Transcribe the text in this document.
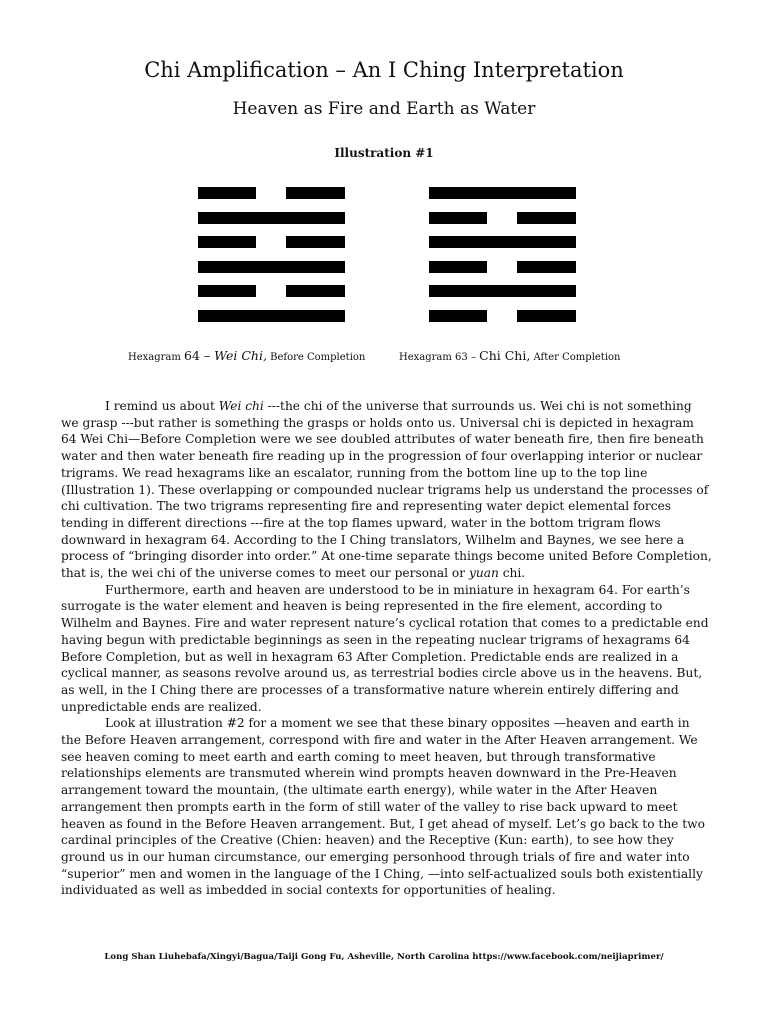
Chi Amplification – An I Ching Interpretation
Heaven as Fire and Earth as Water
Illustration #1
Hexagram 64 – Wei Chi, Before Completion	Hexagram 63 – Chi Chi, After Completion

I remind us about Wei chi ---the chi of the universe that surrounds us. Wei chi is not something we grasp ---but rather is something the grasps or holds onto us. Universal chi is depicted in hexagram 64 Wei Chi—Before Completion were we see doubled attributes of water beneath fire, then fire beneath water and then water beneath fire reading up in the progression of four overlapping interior or nuclear trigrams. We read hexagrams like an escalator, running from the bottom line up to the top line (Illustration 1). These overlapping or compounded nuclear trigrams help us understand the processes of chi cultivation. The two trigrams representing fire and representing water depict elemental forces tending in different directions ---fire at the top flames upward, water in the bottom trigram flows downward in hexagram 64. According to the I Ching translators, Wilhelm and Baynes, we see here a process of “bringing disorder into order.” At one-time separate things become united Before Completion, that is, the wei chi of the universe comes to meet our personal or yuan chi.

Furthermore, earth and heaven are understood to be in miniature in hexagram 64. For earth’s surrogate is the water element and heaven is being represented in the fire element, according to Wilhelm and Baynes. Fire and water represent nature’s cyclical rotation that comes to a predictable end having begun with predictable beginnings as seen in the repeating nuclear trigrams of hexagrams 64 Before Completion, but as well in hexagram 63 After Completion. Predictable ends are realized in a cyclical manner, as seasons revolve around us, as terrestrial bodies circle above us in the heavens. But, as well, in the I Ching there are processes of a transformative nature wherein entirely differing and unpredictable ends are realized.

Look at illustration #2 for a moment we see that these binary opposites —heaven and earth in the Before Heaven arrangement, correspond with fire and water in the After Heaven arrangement. We see heaven coming to meet earth and earth coming to meet heaven, but through transformative relationships elements are transmuted wherein wind prompts heaven downward in the Pre-Heaven arrangement toward the mountain, (the ultimate earth energy), while water in the After Heaven arrangement then prompts earth in the form of still water of the valley to rise back upward to meet heaven as found in the Before Heaven arrangement. But, I get ahead of myself. Let’s go back to the two cardinal principles of the Creative (Chien: heaven) and the Receptive (Kun: earth), to see how they ground us in our human circumstance, our emerging personhood through trials of fire and water into “superior” men and women in the language of the I Ching, —into self-actualized souls both existentially individuated as well as imbedded in social contexts for opportunities of healing.

Long Shan Liuhebafa/Xingyi/Bagua/Taiji Gong Fu, Asheville, North Carolina https://www.facebook.com/neijiaprimer/
